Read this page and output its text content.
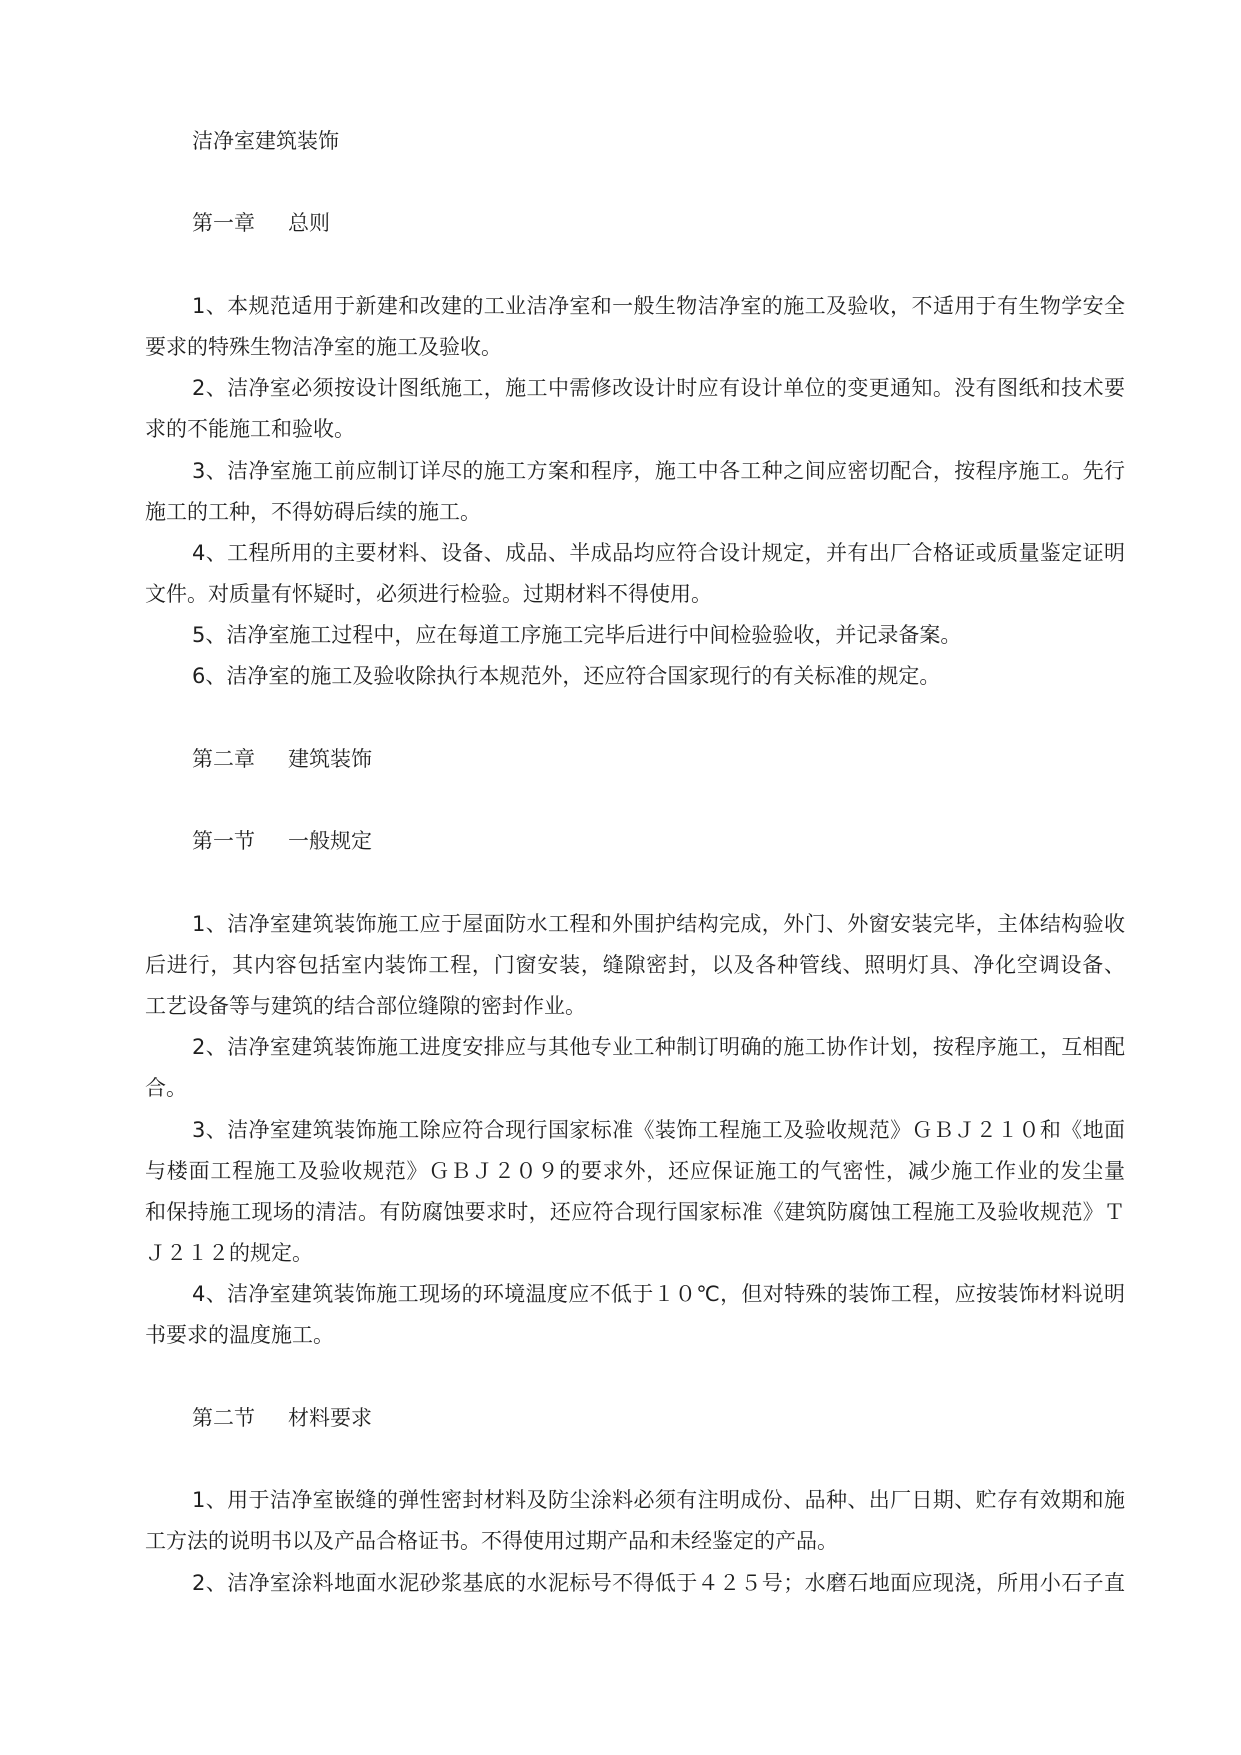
洁净室建筑装饰
第一章 总则
1、本规范适用于新建和改建的工业洁净室和一般生物洁净室的施工及验收，不适用于有生物学安全
要求的特殊生物洁净室的施工及验收。
2、洁净室必须按设计图纸施工，施工中需修改设计时应有设计单位的变更通知。没有图纸和技术要
求的不能施工和验收。
3、洁净室施工前应制订详尽的施工方案和程序，施工中各工种之间应密切配合，按程序施工。先行
施工的工种，不得妨碍后续的施工。
4、工程所用的主要材料、设备、成品、半成品均应符合设计规定，并有出厂合格证或质量鉴定证明
文件。对质量有怀疑时，必须进行检验。过期材料不得使用。
5、洁净室施工过程中，应在每道工序施工完毕后进行中间检验验收，并记录备案。
6、洁净室的施工及验收除执行本规范外，还应符合国家现行的有关标准的规定。
第二章 建筑装饰
第一节 一般规定
1、洁净室建筑装饰施工应于屋面防水工程和外围护结构完成，外门、外窗安装完毕，主体结构验收
后进行，其内容包括室内装饰工程，门窗安装，缝隙密封，以及各种管线、照明灯具、净化空调设备、
工艺设备等与建筑的结合部位缝隙的密封作业。
2、洁净室建筑装饰施工进度安排应与其他专业工种制订明确的施工协作计划，按程序施工，互相配
合。
3、洁净室建筑装饰施工除应符合现行国家标准《装饰工程施工及验收规范》ＧＢＪ２１０和《地面
与楼面工程施工及验收规范》ＧＢＪ２０９的要求外，还应保证施工的气密性，减少施工作业的发尘量
和保持施工现场的清洁。有防腐蚀要求时，还应符合现行国家标准《建筑防腐蚀工程施工及验收规范》Ｔ
Ｊ２１２的规定。
4、洁净室建筑装饰施工现场的环境温度应不低于１０℃，但对特殊的装饰工程，应按装饰材料说明
书要求的温度施工。
第二节 材料要求
1、用于洁净室嵌缝的弹性密封材料及防尘涂料必须有注明成份、品种、出厂日期、贮存有效期和施
工方法的说明书以及产品合格证书。不得使用过期产品和未经鉴定的产品。
2、洁净室涂料地面水泥砂浆基底的水泥标号不得低于４２５号；水磨石地面应现浇，所用小石子直
